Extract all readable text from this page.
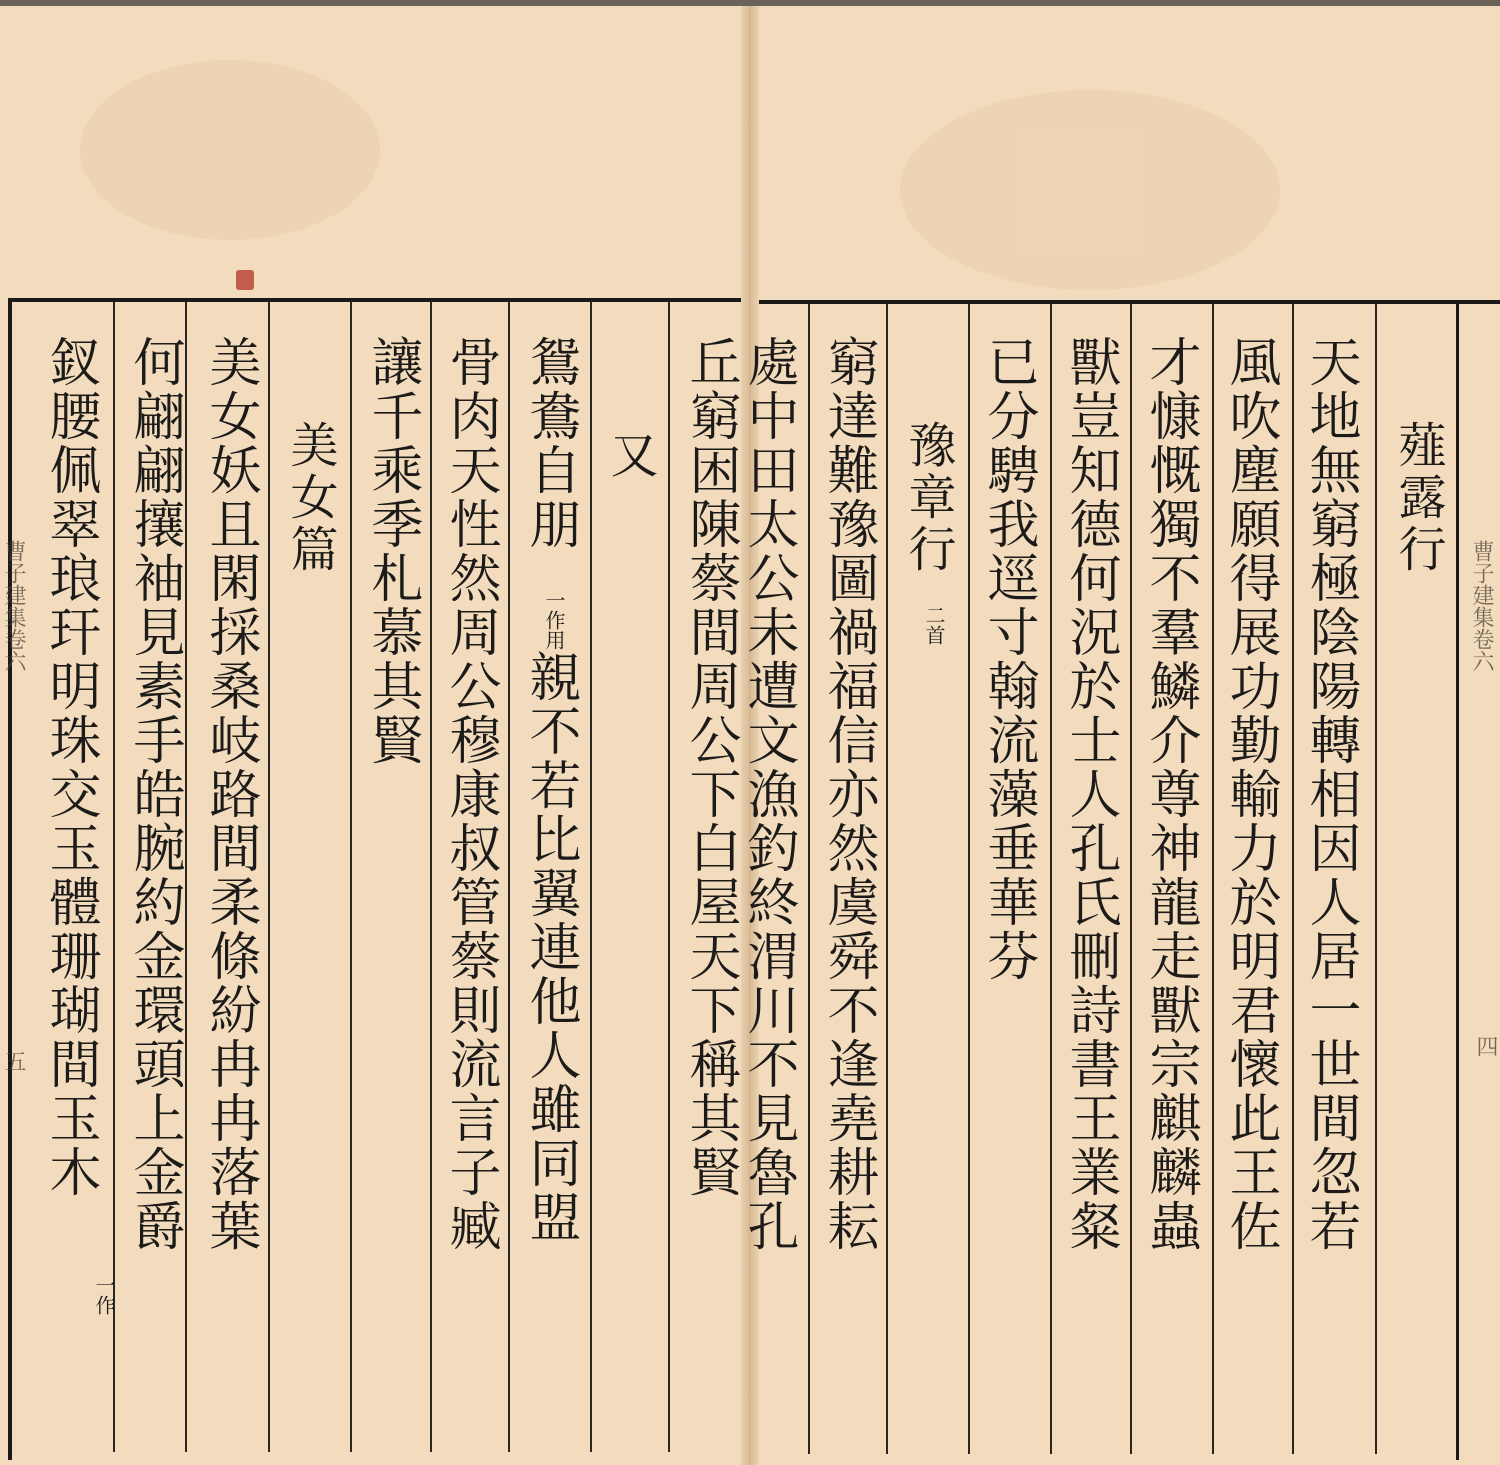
薤露行
天地無窮極陰陽轉相因人居一世間忽若
風吹塵願得展功勤輸力於明君懷此王佐
才慷慨獨不羣鱗介尊神龍走獸宗麒麟蟲
獸豈知德何況於士人孔氏刪詩書王業粲
已分騁我逕寸翰流藻垂華芬
豫章行
二首
窮達難豫圖禍福信亦然虞舜不逢堯耕耘
處中田太公未遭文漁釣終渭川不見魯孔	曹子建集卷六
四
丘窮困陳蔡間周公下白屋天下稱其賢
又
鴛鴦自朋
一作用
親不若比翼連他人雖同盟
骨肉天性然周公穆康叔管蔡則流言子臧
讓千乘季札慕其賢
美女篇
美女妖且閑採桑岐路間柔條紛冉冉落葉
何翩翩攘袖見素手皓腕約金環頭上金爵
釵腰佩翠琅玕明珠交玉體珊瑚間玉木
一作
曹子建集卷六
五
